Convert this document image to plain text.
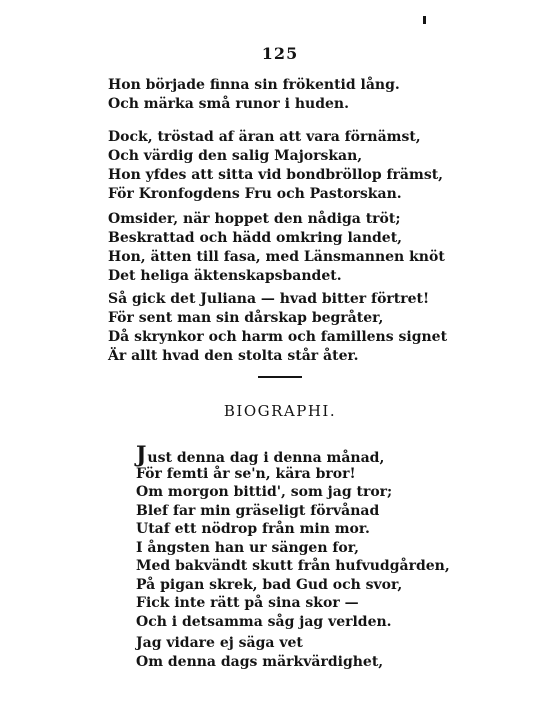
125
Hon började finna sin frökentid lång.
Och märka små runor i huden.
Dock, tröstad af äran att vara förnämst,
Och värdig den salig Majorskan,
Hon yfdes att sitta vid bondbröllop främst,
För Kronfogdens Fru och Pastorskan.
Omsider, när hoppet den nådiga tröt;
Beskrattad och hädd omkring landet,
Hon, ätten till fasa, med Länsmannen knöt
Det heliga äktenskapsbandet.
Så gick det Juliana — hvad bitter förtret!
För sent man sin dårskap begråter,
Då skrynkor och harm och famillens signet
Är allt hvad den stolta står åter.
BIOGRAPHI.
Just denna dag i denna månad,
För femti år se'n, kära bror!
Om morgon bittid', som jag tror;
Blef far min gräseligt förvånad
Utaf ett nödrop från min mor.
I ångsten han ur sängen for,
Med bakvändt skutt från hufvudgården,
På pigan skrek, bad Gud och svor,
Fick inte rätt på sina skor —
Och i detsamma såg jag verlden.
Jag vidare ej säga vet
Om denna dags märkvärdighet,
